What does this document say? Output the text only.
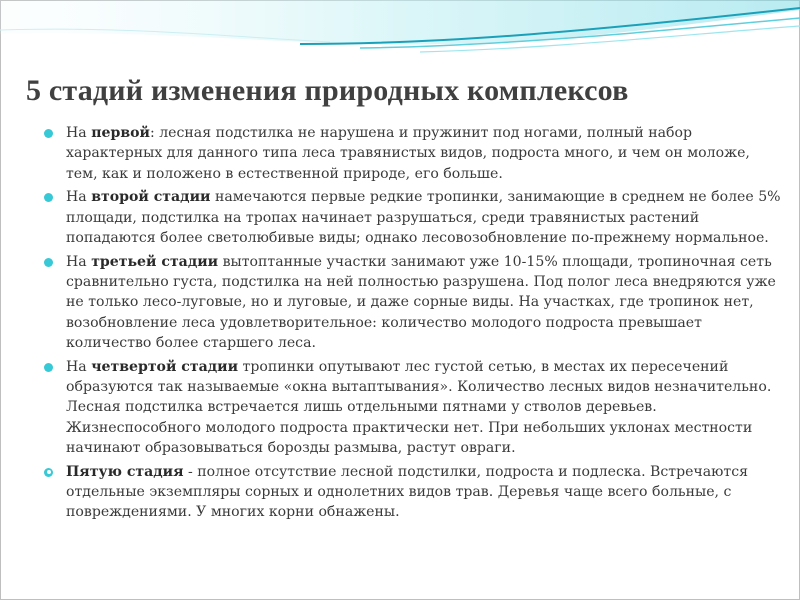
5 стадий изменения природных комплексов
На первой: лесная подстилка не нарушена и пружинит под ногами, полный набор характерных для данного типа леса травянистых видов, подроста много, и чем он моложе, тем, как и положено в естественной природе, его больше.
На второй стадии намечаются первые редкие тропинки, занимающие в среднем не более 5% площади, подстилка на тропах начинает разрушаться, среди травянистых растений попадаются более светолюбивые виды; однако лесовозобновление по-прежнему нормальное.
На третьей стадии вытоптанные участки занимают уже 10-15% площади, тропиночная сеть сравнительно густа, подстилка на ней полностью разрушена. Под полог леса внедряются уже не только лесо-луговые, но и луговые, и даже сорные виды. На участках, где тропинок нет, возобновление леса удовлетворительное: количество молодого подроста превышает количество более старшего леса.
На четвертой стадии тропинки опутывают лес густой сетью, в местах их пересечений образуются так называемые «окна вытаптывания». Количество лесных видов незначительно. Лесная подстилка встречается лишь отдельными пятнами у стволов деревьев. Жизнеспособного молодого подроста практически нет. При небольших уклонах местности начинают образовываться борозды размыва, растут овраги.
Пятую стадия - полное отсутствие лесной подстилки, подроста и подлеска. Встречаются отдельные экземпляры сорных и однолетних видов трав. Деревья чаще всего больные, с повреждениями. У многих корни обнажены.
